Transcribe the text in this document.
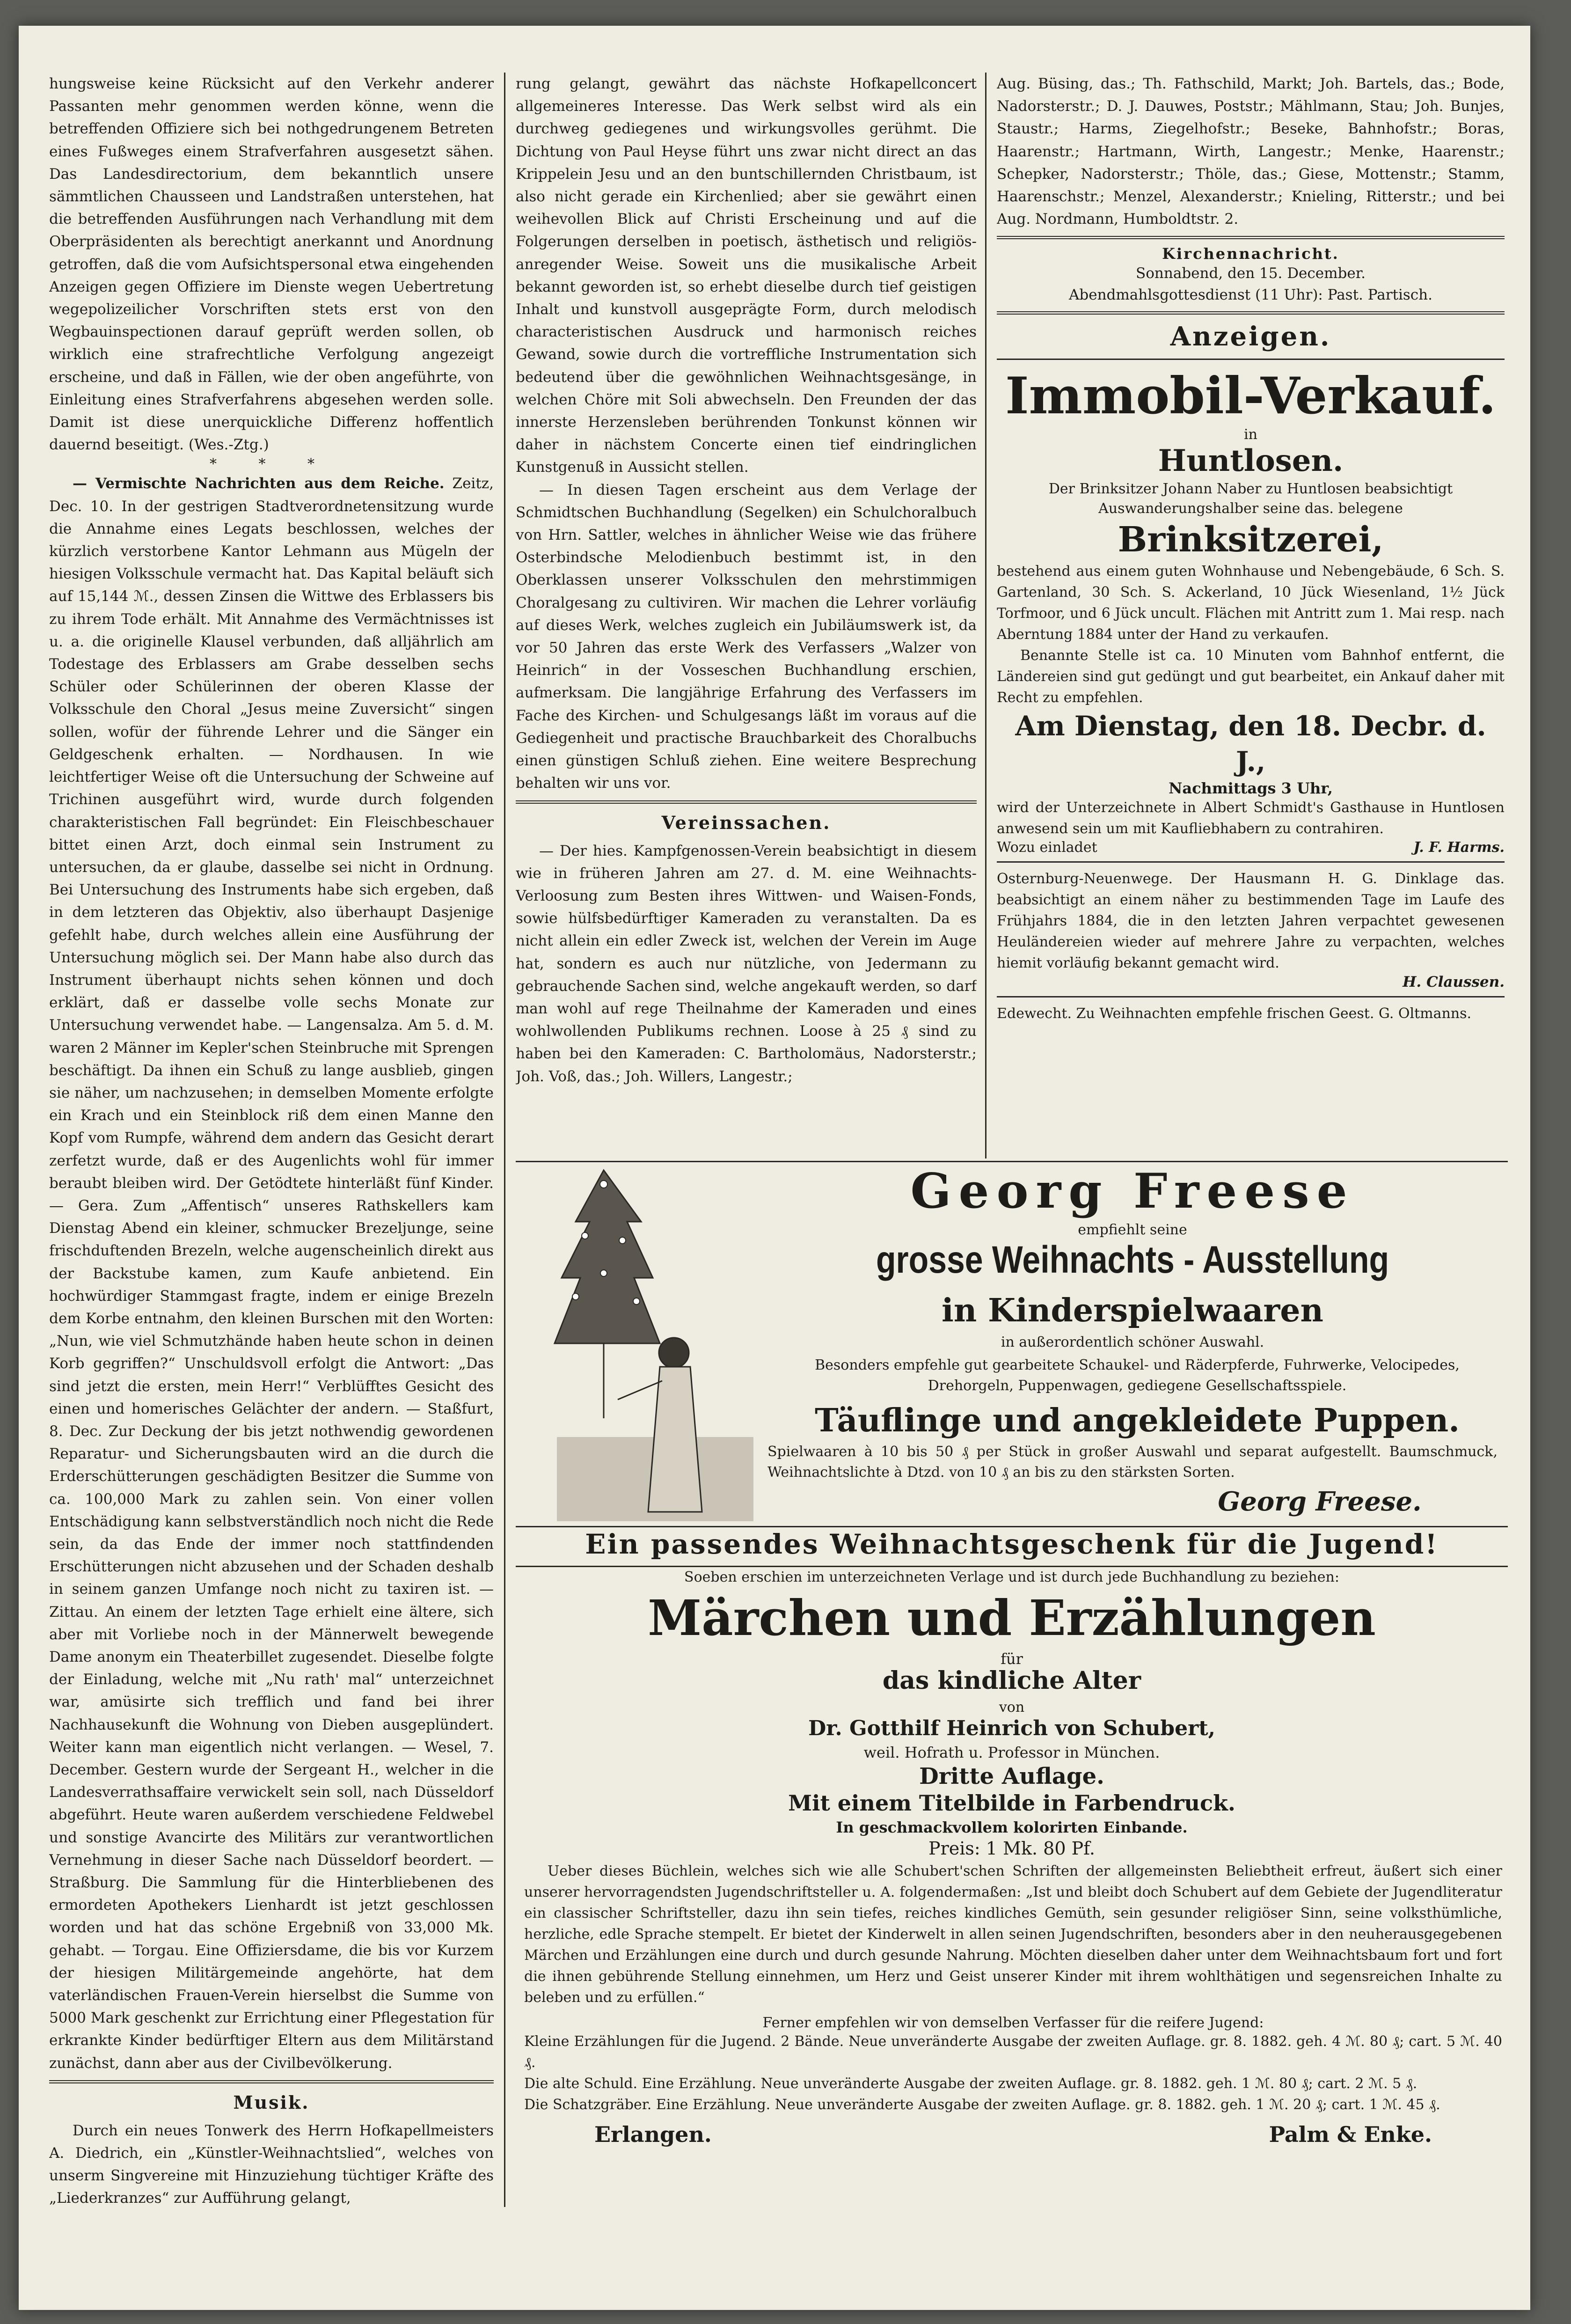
hungsweise keine Rücksicht auf den Verkehr anderer Passanten mehr genommen werden könne, wenn die betreffenden Offiziere sich bei nothgedrungenem Betreten eines Fußweges einem Strafverfahren ausgesetzt sähen. Das Landesdirectorium, dem bekanntlich unsere sämmtlichen Chausseen und Landstraßen unterstehen, hat die betreffenden Ausführungen nach Verhandlung mit dem Oberpräsidenten als berechtigt anerkannt und Anordnung getroffen, daß die vom Aufsichtspersonal etwa eingehenden Anzeigen gegen Offiziere im Dienste wegen Uebertretung wegepolizeilicher Vorschriften stets erst von den Wegbauinspectionen darauf geprüft werden sollen, ob wirklich eine strafrechtliche Verfolgung angezeigt erscheine, und daß in Fällen, wie der oben angeführte, von Einleitung eines Strafverfahrens abgesehen werden solle. Damit ist diese unerquickliche Differenz hoffentlich dauernd beseitigt. (Wes.-Ztg.)

* * *

— Vermischte Nachrichten aus dem Reiche. Zeitz, Dec. 10. In der gestrigen Stadtverordnetensitzung wurde die Annahme eines Legats beschlossen, welches der kürzlich verstorbene Kantor Lehmann aus Mügeln der hiesigen Volksschule vermacht hat. Das Kapital beläuft sich auf 15,144 ℳ., dessen Zinsen die Wittwe des Erblassers bis zu ihrem Tode erhält. Mit Annahme des Vermächtnisses ist u. a. die originelle Klausel verbunden, daß alljährlich am Todestage des Erblassers am Grabe desselben sechs Schüler oder Schülerinnen der oberen Klasse der Volksschule den Choral „Jesus meine Zuversicht“ singen sollen, wofür der führende Lehrer und die Sänger ein Geldgeschenk erhalten. — Nordhausen. In wie leichtfertiger Weise oft die Untersuchung der Schweine auf Trichinen ausgeführt wird, wurde durch folgenden charakteristischen Fall begründet: Ein Fleischbeschauer bittet einen Arzt, doch einmal sein Instrument zu untersuchen, da er glaube, dasselbe sei nicht in Ordnung. Bei Untersuchung des Instruments habe sich ergeben, daß in dem letzteren das Objektiv, also überhaupt Dasjenige gefehlt habe, durch welches allein eine Ausführung der Untersuchung möglich sei. Der Mann habe also durch das Instrument überhaupt nichts sehen können und doch erklärt, daß er dasselbe volle sechs Monate zur Untersuchung verwendet habe. — Langensalza. Am 5. d. M. waren 2 Männer im Kepler'schen Steinbruche mit Sprengen beschäftigt. Da ihnen ein Schuß zu lange ausblieb, gingen sie näher, um nachzusehen; in demselben Momente erfolgte ein Krach und ein Steinblock riß dem einen Manne den Kopf vom Rumpfe, während dem andern das Gesicht derart zerfetzt wurde, daß er des Augenlichts wohl für immer beraubt bleiben wird. Der Getödtete hinterläßt fünf Kinder. — Gera. Zum „Affentisch“ unseres Rathskellers kam Dienstag Abend ein kleiner, schmucker Brezeljunge, seine frischduftenden Brezeln, welche augenscheinlich direkt aus der Backstube kamen, zum Kaufe anbietend. Ein hochwürdiger Stammgast fragte, indem er einige Brezeln dem Korbe entnahm, den kleinen Burschen mit den Worten: „Nun, wie viel Schmutzhände haben heute schon in deinen Korb gegriffen?“ Unschuldsvoll erfolgt die Antwort: „Das sind jetzt die ersten, mein Herr!“ Verblüfftes Gesicht des einen und homerisches Gelächter der andern. — Staßfurt, 8. Dec. Zur Deckung der bis jetzt nothwendig gewordenen Reparatur- und Sicherungsbauten wird an die durch die Erderschütterungen geschädigten Besitzer die Summe von ca. 100,000 Mark zu zahlen sein. Von einer vollen Entschädigung kann selbstverständlich noch nicht die Rede sein, da das Ende der immer noch stattfindenden Erschütterungen nicht abzusehen und der Schaden deshalb in seinem ganzen Umfange noch nicht zu taxiren ist. — Zittau. An einem der letzten Tage erhielt eine ältere, sich aber mit Vorliebe noch in der Männerwelt bewegende Dame anonym ein Theaterbillet zugesendet. Dieselbe folgte der Einladung, welche mit „Nu rath' mal“ unterzeichnet war, amüsirte sich trefflich und fand bei ihrer Nachhausekunft die Wohnung von Dieben ausgeplündert. Weiter kann man eigentlich nicht verlangen. — Wesel, 7. December. Gestern wurde der Sergeant H., welcher in die Landesverrathsaffaire verwickelt sein soll, nach Düsseldorf abgeführt. Heute waren außerdem verschiedene Feldwebel und sonstige Avancirte des Militärs zur verantwortlichen Vernehmung in dieser Sache nach Düsseldorf beordert. — Straßburg. Die Sammlung für die Hinterbliebenen des ermordeten Apothekers Lienhardt ist jetzt geschlossen worden und hat das schöne Ergebniß von 33,000 Mk. gehabt. — Torgau. Eine Offiziersdame, die bis vor Kurzem der hiesigen Militärgemeinde angehörte, hat dem vaterländischen Frauen-Verein hierselbst die Summe von 5000 Mark geschenkt zur Errichtung einer Pflegestation für erkrankte Kinder bedürftiger Eltern aus dem Militärstand zunächst, dann aber aus der Civilbevölkerung.

Musik.

Durch ein neues Tonwerk des Herrn Hofkapellmeisters A. Diedrich, ein „Künstler-Weihnachtslied“, welches von unserm Singvereine mit Hinzuziehung tüchtiger Kräfte des „Liederkranzes“ zur Aufführung gelangt,

rung gelangt, gewährt das nächste Hofkapellconcert allgemeineres Interesse. Das Werk selbst wird als ein durchweg gediegenes und wirkungsvolles gerühmt. Die Dichtung von Paul Heyse führt uns zwar nicht direct an das Krippelein Jesu und an den buntschillernden Christbaum, ist also nicht gerade ein Kirchenlied; aber sie gewährt einen weihevollen Blick auf Christi Erscheinung und auf die Folgerungen derselben in poetisch, ästhetisch und religiös-anregender Weise. Soweit uns die musikalische Arbeit bekannt geworden ist, so erhebt dieselbe durch tief geistigen Inhalt und kunstvoll ausgeprägte Form, durch melodisch characteristischen Ausdruck und harmonisch reiches Gewand, sowie durch die vortreffliche Instrumentation sich bedeutend über die gewöhnlichen Weihnachtsgesänge, in welchen Chöre mit Soli abwechseln. Den Freunden der das innerste Herzensleben berührenden Tonkunst können wir daher in nächstem Concerte einen tief eindringlichen Kunstgenuß in Aussicht stellen.

— In diesen Tagen erscheint aus dem Verlage der Schmidtschen Buchhandlung (Segelken) ein Schulchoralbuch von Hrn. Sattler, welches in ähnlicher Weise wie das frühere Osterbindsche Melodienbuch bestimmt ist, in den Oberklassen unserer Volksschulen den mehrstimmigen Choralgesang zu cultiviren. Wir machen die Lehrer vorläufig auf dieses Werk, welches zugleich ein Jubiläumswerk ist, da vor 50 Jahren das erste Werk des Verfassers „Walzer von Heinrich“ in der Vosseschen Buchhandlung erschien, aufmerksam. Die langjährige Erfahrung des Verfassers im Fache des Kirchen- und Schulgesangs läßt im voraus auf die Gediegenheit und practische Brauchbarkeit des Choralbuchs einen günstigen Schluß ziehen. Eine weitere Besprechung behalten wir uns vor.

Vereinssachen.

— Der hies. Kampfgenossen-Verein beabsichtigt in diesem wie in früheren Jahren am 27. d. M. eine Weihnachts-Verloosung zum Besten ihres Wittwen- und Waisen-Fonds, sowie hülfsbedürftiger Kameraden zu veranstalten. Da es nicht allein ein edler Zweck ist, welchen der Verein im Auge hat, sondern es auch nur nützliche, von Jedermann zu gebrauchende Sachen sind, welche angekauft werden, so darf man wohl auf rege Theilnahme der Kameraden und eines wohlwollenden Publikums rechnen. Loose à 25 ₰ sind zu haben bei den Kameraden: C. Bartholomäus, Nadorsterstr.; Joh. Voß, das.; Joh. Willers, Langestr.;

Aug. Büsing, das.; Th. Fathschild, Markt; Joh. Bartels, das.; Bode, Nadorsterstr.; D. J. Dauwes, Poststr.; Mählmann, Stau; Joh. Bunjes, Staustr.; Harms, Ziegelhofstr.; Beseke, Bahnhofstr.; Boras, Haarenstr.; Hartmann, Wirth, Langestr.; Menke, Haarenstr.; Schepker, Nadorsterstr.; Thöle, das.; Giese, Mottenstr.; Stamm, Haarenschstr.; Menzel, Alexanderstr.; Knieling, Ritterstr.; und bei Aug. Nordmann, Humboldtstr. 2.

Kirchennachricht.

Sonnabend, den 15. December.

Abendmahlsgottesdienst (11 Uhr): Past. Partisch.

Anzeigen.

Immobil-Verkauf.

in

Huntlosen.

Der Brinksitzer Johann Naber zu Huntlosen beabsichtigt Auswanderungshalber seine das. belegene

Brinksitzerei,

bestehend aus einem guten Wohnhause und Nebengebäude, 6 Sch. S. Gartenland, 30 Sch. S. Ackerland, 10 Jück Wiesenland, 1½ Jück Torfmoor, und 6 Jück uncult. Flächen mit Antritt zum 1. Mai resp. nach Aberntung 1884 unter der Hand zu verkaufen.

Benannte Stelle ist ca. 10 Minuten vom Bahnhof entfernt, die Ländereien sind gut gedüngt und gut bearbeitet, ein Ankauf daher mit Recht zu empfehlen.

Am Dienstag, den 18. Decbr. d. J.,

Nachmittags 3 Uhr,

wird der Unterzeichnete in Albert Schmidt's Gasthause in Huntlosen anwesend sein um mit Kaufliebhabern zu contrahiren.

Wozu einladet	J. F. Harms.

Osternburg-Neuenwege. Der Hausmann H. G. Dinklage das. beabsichtigt an einem näher zu bestimmenden Tage im Laufe des Frühjahrs 1884, die in den letzten Jahren verpachtet gewesenen Heuländereien wieder auf mehrere Jahre zu verpachten, welches hiemit vorläufig bekannt gemacht wird.

H. Claussen.

Edewecht. Zu Weihnachten empfehle frischen Geest. G. Oltmanns.

Georg Freese

empfiehlt seine

grosse Weihnachts - Ausstellung

in Kinderspielwaaren

in außerordentlich schöner Auswahl.

Besonders empfehle gut gearbeitete Schaukel- und Räderpferde, Fuhrwerke, Velocipedes, Drehorgeln, Puppenwagen, gediegene Gesellschaftsspiele.

Täuflinge und angekleidete Puppen.

Spielwaaren à 10 bis 50 ₰ per Stück in großer Auswahl und separat aufgestellt. Baumschmuck, Weihnachtslichte à Dtzd. von 10 ₰ an bis zu den stärksten Sorten.

Georg Freese.

Ein passendes Weihnachtsgeschenk für die Jugend!

Soeben erschien im unterzeichneten Verlage und ist durch jede Buchhandlung zu beziehen:

Märchen und Erzählungen

für

das kindliche Alter

von

Dr. Gotthilf Heinrich von Schubert,

weil. Hofrath u. Professor in München.

Dritte Auflage.

Mit einem Titelbilde in Farbendruck.

In geschmackvollem kolorirten Einbande.

Preis: 1 Mk. 80 Pf.

Ueber dieses Büchlein, welches sich wie alle Schubert'schen Schriften der allgemeinsten Beliebtheit erfreut, äußert sich einer unserer hervorragendsten Jugendschriftsteller u. A. folgendermaßen: „Ist und bleibt doch Schubert auf dem Gebiete der Jugendliteratur ein classischer Schriftsteller, dazu ihn sein tiefes, reiches kindliches Gemüth, sein gesunder religiöser Sinn, seine volksthümliche, herzliche, edle Sprache stempelt. Er bietet der Kinderwelt in allen seinen Jugendschriften, besonders aber in den neuherausgegebenen Märchen und Erzählungen eine durch und durch gesunde Nahrung. Möchten dieselben daher unter dem Weihnachtsbaum fort und fort die ihnen gebührende Stellung einnehmen, um Herz und Geist unserer Kinder mit ihrem wohlthätigen und segensreichen Inhalte zu beleben und zu erfüllen.“

Ferner empfehlen wir von demselben Verfasser für die reifere Jugend:

Kleine Erzählungen für die Jugend. 2 Bände. Neue unveränderte Ausgabe der zweiten Auflage. gr. 8. 1882. geh. 4 ℳ. 80 ₰; cart. 5 ℳ. 40 ₰.

Die alte Schuld. Eine Erzählung. Neue unveränderte Ausgabe der zweiten Auflage. gr. 8. 1882. geh. 1 ℳ. 80 ₰; cart. 2 ℳ. 5 ₰.

Die Schatzgräber. Eine Erzählung. Neue unveränderte Ausgabe der zweiten Auflage. gr. 8. 1882. geh. 1 ℳ. 20 ₰; cart. 1 ℳ. 45 ₰.

Erlangen.	Palm & Enke.
